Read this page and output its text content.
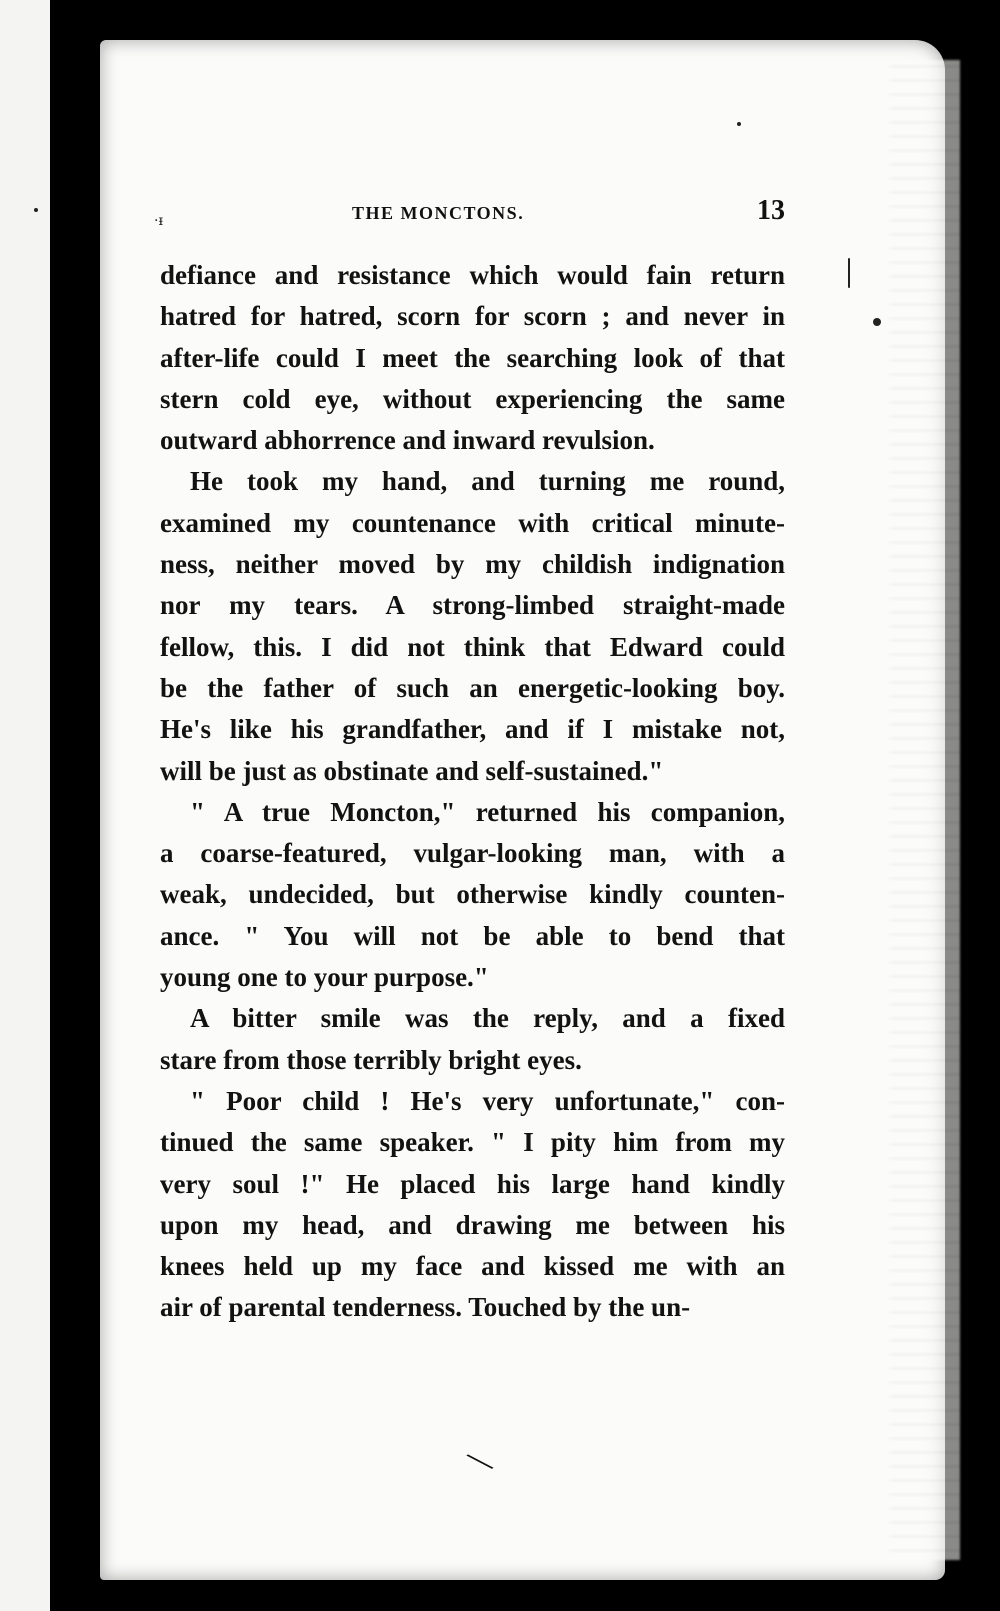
·ᵻ	THE MONCTONS.	13

defiance and resistance which would fain return
hatred for hatred, scorn for scorn ; and never in
after-life could I meet the searching look of that
stern cold eye, without experiencing the same
outward abhorrence and inward revulsion.

He took my hand, and turning me round,
examined my countenance with critical minute-
ness, neither moved by my childish indignation
nor my tears. A strong-limbed straight-made
fellow, this. I did not think that Edward could
be the father of such an energetic-looking boy.
He's like his grandfather, and if I mistake not,
will be just as obstinate and self-sustained."

" A true Moncton," returned his companion,
a coarse-featured, vulgar-looking man, with a
weak, undecided, but otherwise kindly counten-
ance. " You will not be able to bend that
young one to your purpose."

A bitter smile was the reply, and a fixed
stare from those terribly bright eyes.

" Poor child ! He's very unfortunate," con-
tinued the same speaker. " I pity him from my
very soul !" He placed his large hand kindly
upon my head, and drawing me between his
knees held up my face and kissed me with an
air of parental tenderness. Touched by the un-

╲
